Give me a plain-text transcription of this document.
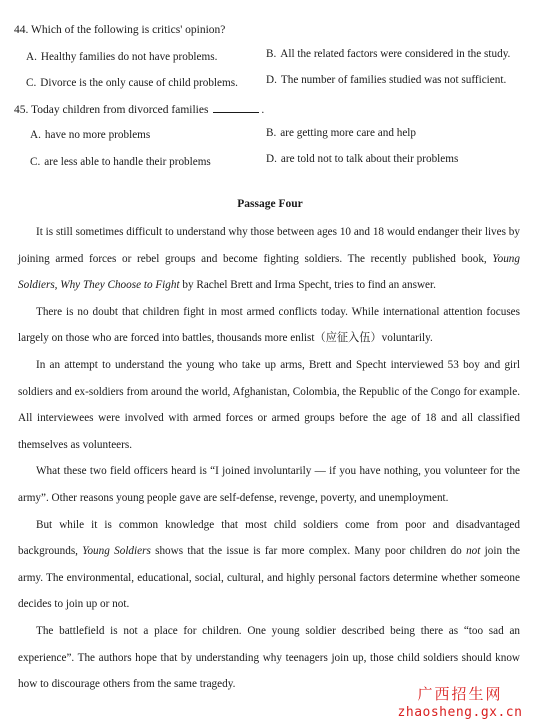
44. Which of the following is critics' opinion?
A. Healthy families do not have problems.	B. All the related factors were considered in the study.
C. Divorce is the only cause of child problems.	D. The number of families studied was not sufficient.
45. Today children from divorced families	.
A. have no more problems	B. are getting more care and help
C. are less able to handle their problems	D. are told not to talk about their problems
Passage Four

It is still sometimes difficult to understand why those between ages 10 and 18 would endanger their lives by joining armed forces or rebel groups and become fighting soldiers. The recently published book, Young Soldiers, Why They Choose to Fight by Rachel Brett and Irma Specht, tries to find an answer.

There is no doubt that children fight in most armed conflicts today. While international attention focuses largely on those who are forced into battles, thousands more enlist（应征入伍）voluntarily.

In an attempt to understand the young who take up arms, Brett and Specht interviewed 53 boy and girl soldiers and ex-soldiers from around the world, Afghanistan, Colombia, the Republic of the Congo for example. All interviewees were involved with armed forces or armed groups before the age of 18 and all classified themselves as volunteers.

What these two field officers heard is “I joined involuntarily — if you have nothing, you volunteer for the army”. Other reasons young people gave are self-defense, revenge, poverty, and unemployment.

But while it is common knowledge that most child soldiers come from poor and disadvantaged backgrounds, Young Soldiers shows that the issue is far more complex. Many poor children do not join the army. The environmental, educational, social, cultural, and highly personal factors determine whether someone decides to join up or not.

The battlefield is not a place for children. One young soldier described being there as “too sad an experience”. The authors hope that by understanding why teenagers join up, those child soldiers should know how to discourage others from the same tragedy.

广西招生网
zhaosheng.gx.cn
